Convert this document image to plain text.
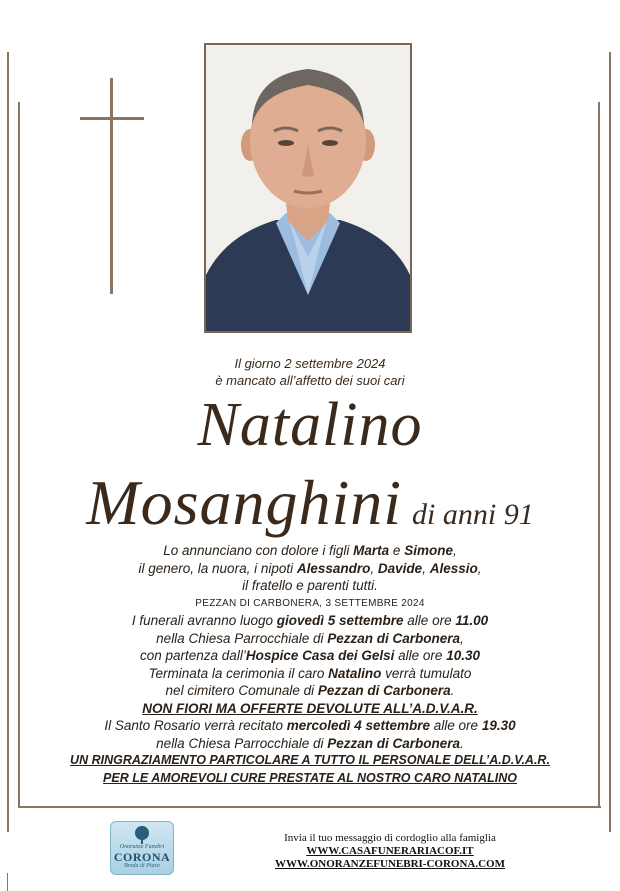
Il giorno 2 settembre 2024
è mancato all’affetto dei suoi cari
Natalino
Mosanghini di anni 91
Lo annunciano con dolore i figli Marta e Simone,
il genero, la nuora, i nipoti Alessandro, Davide, Alessio,
il fratello e parenti tutti.
PEZZAN DI CARBONERA, 3 SETTEMBRE 2024
I funerali avranno luogo giovedì 5 settembre alle ore 11.00
nella Chiesa Parrocchiale di Pezzan di Carbonera,
con partenza dall’Hospice Casa dei Gelsi alle ore 10.30
Terminata la cerimonia il caro Natalino verrà tumulato
nel cimitero Comunale di Pezzan di Carbonera.
NON FIORI MA OFFERTE DEVOLUTE ALL’A.D.V.A.R.
Il Santo Rosario verrà recitato mercoledì 4 settembre alle ore 19.30
nella Chiesa Parrocchiale di Pezzan di Carbonera.
UN RINGRAZIAMENTO PARTICOLARE A TUTTO IL PERSONALE DELL’A.D.V.A.R.
PER LE AMOREVOLI CURE PRESTATE AL NOSTRO CARO NATALINO
Onoranze Funebri
CORONA
Breda di Piave
Invia il tuo messaggio di cordoglio alla famiglia
WWW.CASAFUNERARIACOF.IT
WWW.ONORANZEFUNEBRI-CORONA.COM
